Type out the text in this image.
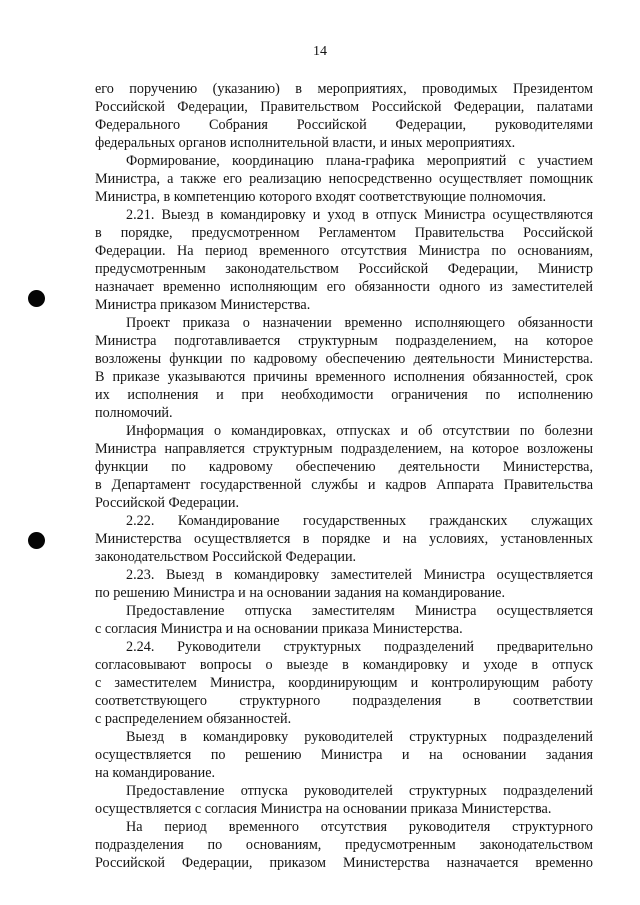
14
его поручению (указанию) в мероприятиях, проводимых Президентом
Российской Федерации, Правительством Российской Федерации, палатами
Федерального Собрания Российской Федерации, руководителями
федеральных органов исполнительной власти, и иных мероприятиях.
Формирование, координацию плана-графика мероприятий с участием
Министра, а также его реализацию непосредственно осуществляет помощник
Министра, в компетенцию которого входят соответствующие полномочия.
2.21. Выезд в командировку и уход в отпуск Министра осуществляются
в порядке, предусмотренном Регламентом Правительства Российской
Федерации. На период временного отсутствия Министра по основаниям,
предусмотренным законодательством Российской Федерации, Министр
назначает временно исполняющим его обязанности одного из заместителей
Министра приказом Министерства.
Проект приказа о назначении временно исполняющего обязанности
Министра подготавливается структурным подразделением, на которое
возложены функции по кадровому обеспечению деятельности Министерства.
В приказе указываются причины временного исполнения обязанностей, срок
их исполнения и при необходимости ограничения по исполнению
полномочий.
Информация о командировках, отпусках и об отсутствии по болезни
Министра направляется структурным подразделением, на которое возложены
функции по кадровому обеспечению деятельности Министерства,
в Департамент государственной службы и кадров Аппарата Правительства
Российской Федерации.
2.22. Командирование государственных гражданских служащих
Министерства осуществляется в порядке и на условиях, установленных
законодательством Российской Федерации.
2.23. Выезд в командировку заместителей Министра осуществляется
по решению Министра и на основании задания на командирование.
Предоставление отпуска заместителям Министра осуществляется
с согласия Министра и на основании приказа Министерства.
2.24. Руководители структурных подразделений предварительно
согласовывают вопросы о выезде в командировку и уходе в отпуск
с заместителем Министра, координирующим и контролирующим работу
соответствующего структурного подразделения в соответствии
с распределением обязанностей.
Выезд в командировку руководителей структурных подразделений
осуществляется по решению Министра и на основании задания
на командирование.
Предоставление отпуска руководителей структурных подразделений
осуществляется с согласия Министра на основании приказа Министерства.
На период временного отсутствия руководителя структурного
подразделения по основаниям, предусмотренным законодательством
Российской Федерации, приказом Министерства назначается временно
